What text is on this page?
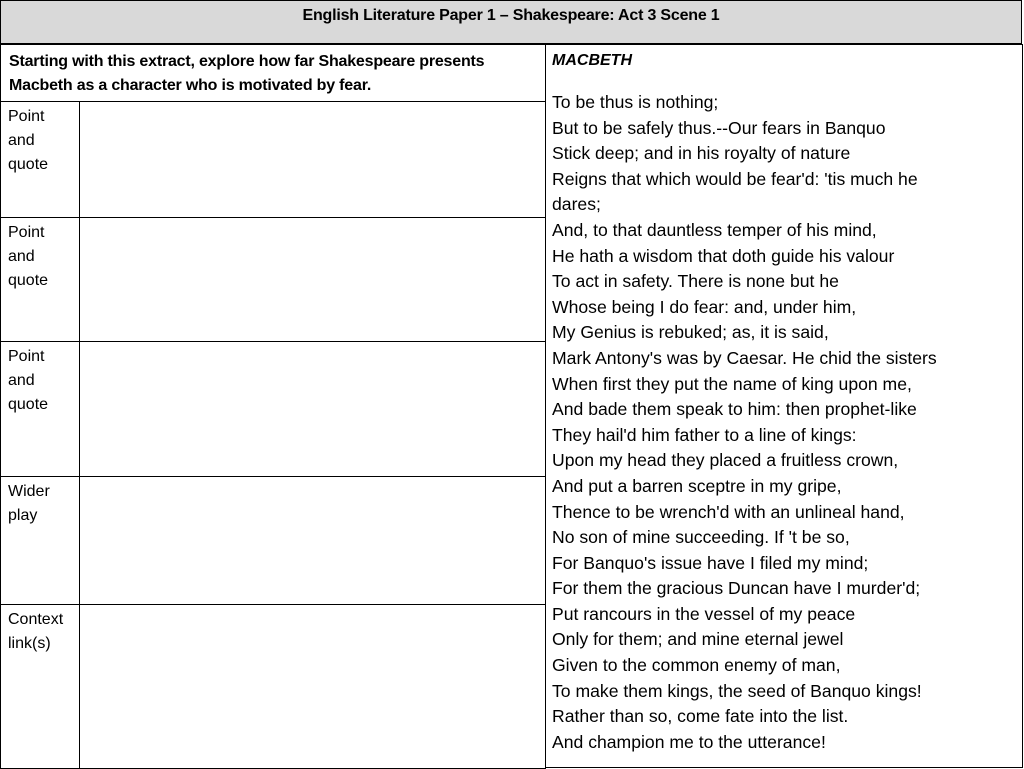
English Literature Paper 1 – Shakespeare: Act 3 Scene 1
Starting with this extract, explore how far Shakespeare presents Macbeth as a character who is motivated by fear.	
Point and quote	
Point and quote	
Point and quote	
Wider play	
Context link(s)	
MACBETH
To be thus is nothing;
But to be safely thus.--Our fears in Banquo
Stick deep; and in his royalty of nature
Reigns that which would be fear'd: 'tis much he
dares;
And, to that dauntless temper of his mind,
He hath a wisdom that doth guide his valour
To act in safety. There is none but he
Whose being I do fear: and, under him,
My Genius is rebuked; as, it is said,
Mark Antony's was by Caesar. He chid the sisters
When first they put the name of king upon me,
And bade them speak to him: then prophet-like
They hail'd him father to a line of kings:
Upon my head they placed a fruitless crown,
And put a barren sceptre in my gripe,
Thence to be wrench'd with an unlineal hand,
No son of mine succeeding. If 't be so,
For Banquo's issue have I filed my mind;
For them the gracious Duncan have I murder'd;
Put rancours in the vessel of my peace
Only for them; and mine eternal jewel
Given to the common enemy of man,
To make them kings, the seed of Banquo kings!
Rather than so, come fate into the list.
And champion me to the utterance!
